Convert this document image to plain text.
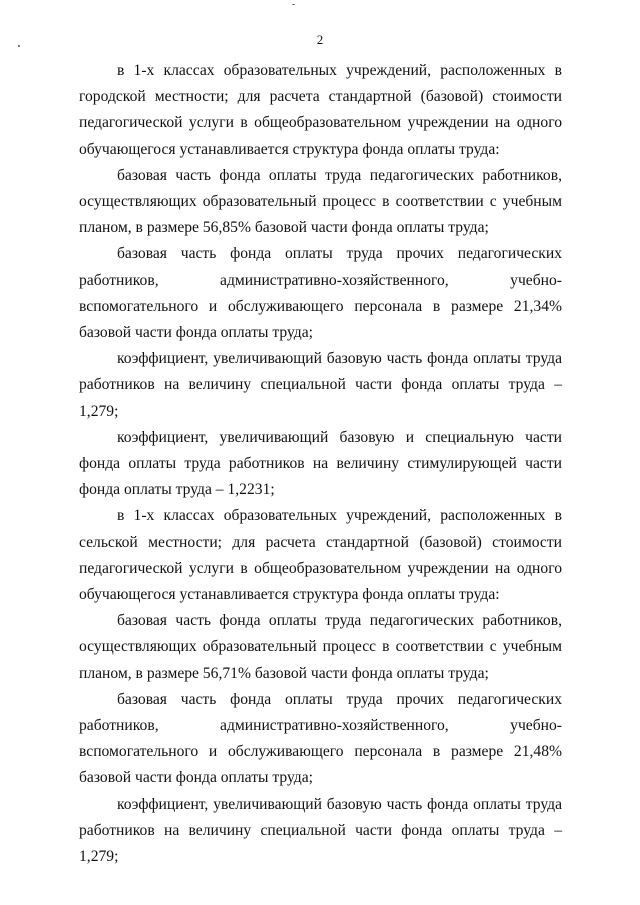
2

в 1-х классах образовательных учреждений, расположенных в городской местности; для расчета стандартной (базовой) стоимости педагогической услуги в общеобразовательном учреждении на одного обучающегося устанавливается структура фонда оплаты труда:

базовая часть фонда оплаты труда педагогических работников, осуществляющих образовательный процесс в соответствии с учебным планом, в размере 56,85% базовой части фонда оплаты труда;

базовая часть фонда оплаты труда прочих педагогических работников, административно-хозяйственного, учебно-вспомогательного и обслуживающего персонала в размере 21,34% базовой части фонда оплаты труда;

коэффициент, увеличивающий базовую часть фонда оплаты труда работников на величину специальной части фонда оплаты труда – 1,279;

коэффициент, увеличивающий базовую и специальную части фонда оплаты труда работников на величину стимулирующей части фонда оплаты труда – 1,2231;

в 1-х классах образовательных учреждений, расположенных в сельской местности; для расчета стандартной (базовой) стоимости педагогической услуги в общеобразовательном учреждении на одного обучающегося устанавливается структура фонда оплаты труда:

базовая часть фонда оплаты труда педагогических работников, осуществляющих образовательный процесс в соответствии с учебным планом, в размере 56,71% базовой части фонда оплаты труда;

базовая часть фонда оплаты труда прочих педагогических работников, административно-хозяйственного, учебно-вспомогательного и обслуживающего персонала в размере 21,48% базовой части фонда оплаты труда;

коэффициент, увеличивающий базовую часть фонда оплаты труда работников на величину специальной части фонда оплаты труда – 1,279;
